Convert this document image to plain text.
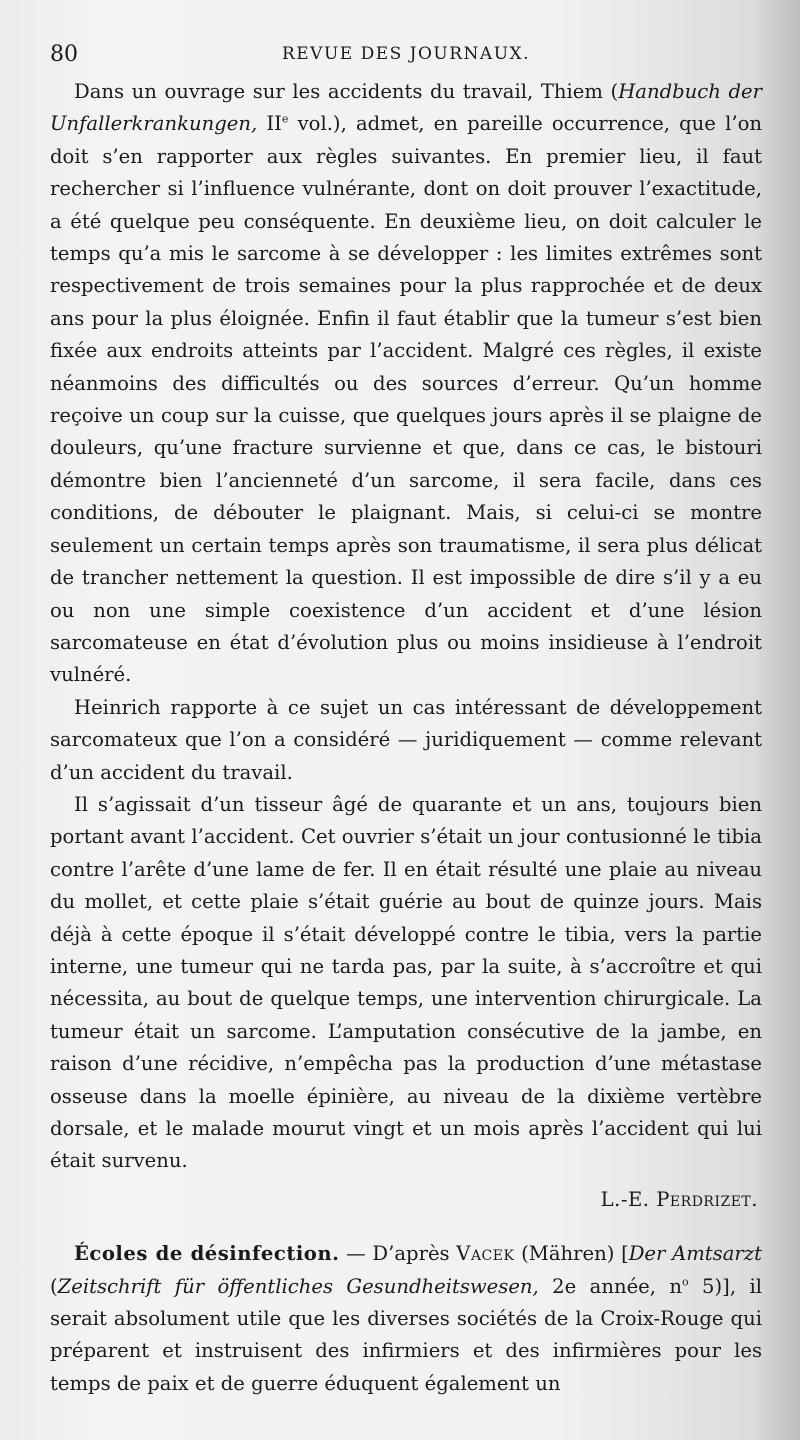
80	REVUE DES JOURNAUX.

Dans un ouvrage sur les accidents du travail, Thiem (Handbuch der Unfallerkrankungen, IIe vol.), admet, en pareille occurrence, que l’on doit s’en rapporter aux règles suivantes. En premier lieu, il faut rechercher si l’influence vulnérante, dont on doit prouver l’exactitude, a été quelque peu conséquente. En deuxième lieu, on doit calculer le temps qu’a mis le sarcome à se développer : les limites extrêmes sont respectivement de trois semaines pour la plus rapprochée et de deux ans pour la plus éloignée. Enfin il faut établir que la tumeur s’est bien fixée aux endroits atteints par l’accident. Malgré ces règles, il existe néanmoins des difficultés ou des sources d’erreur. Qu’un homme reçoive un coup sur la cuisse, que quelques jours après il se plaigne de douleurs, qu’une fracture survienne et que, dans ce cas, le bistouri démontre bien l’ancienneté d’un sarcome, il sera facile, dans ces conditions, de débouter le plaignant. Mais, si celui-ci se montre seulement un certain temps après son traumatisme, il sera plus délicat de trancher nettement la question. Il est impossible de dire s’il y a eu ou non une simple coexistence d’un accident et d’une lésion sarcomateuse en état d’évolution plus ou moins insidieuse à l’endroit vulnéré.

Heinrich rapporte à ce sujet un cas intéressant de développement sarcomateux que l’on a considéré — juridiquement — comme relevant d’un accident du travail.

Il s’agissait d’un tisseur âgé de quarante et un ans, toujours bien portant avant l’accident. Cet ouvrier s’était un jour contusionné le tibia contre l’arête d’une lame de fer. Il en était résulté une plaie au niveau du mollet, et cette plaie s’était guérie au bout de quinze jours. Mais déjà à cette époque il s’était développé contre le tibia, vers la partie interne, une tumeur qui ne tarda pas, par la suite, à s’accroître et qui nécessita, au bout de quelque temps, une intervention chirurgicale. La tumeur était un sarcome. L’amputation consécutive de la jambe, en raison d’une récidive, n’empêcha pas la production d’une métastase osseuse dans la moelle épinière, au niveau de la dixième vertèbre dorsale, et le malade mourut vingt et un mois après l’accident qui lui était survenu.

L.-E. Perdrizet.

Écoles de désinfection. — D’après Vacek (Mähren) [Der Amtsarzt (Zeitschrift für öffentliches Gesundheitswesen, 2e année, $n^o$ 5)], il serait absolument utile que les diverses sociétés de la Croix-Rouge qui préparent et instruisent des infirmiers et des infirmières pour les temps de paix et de guerre éduquent également un
